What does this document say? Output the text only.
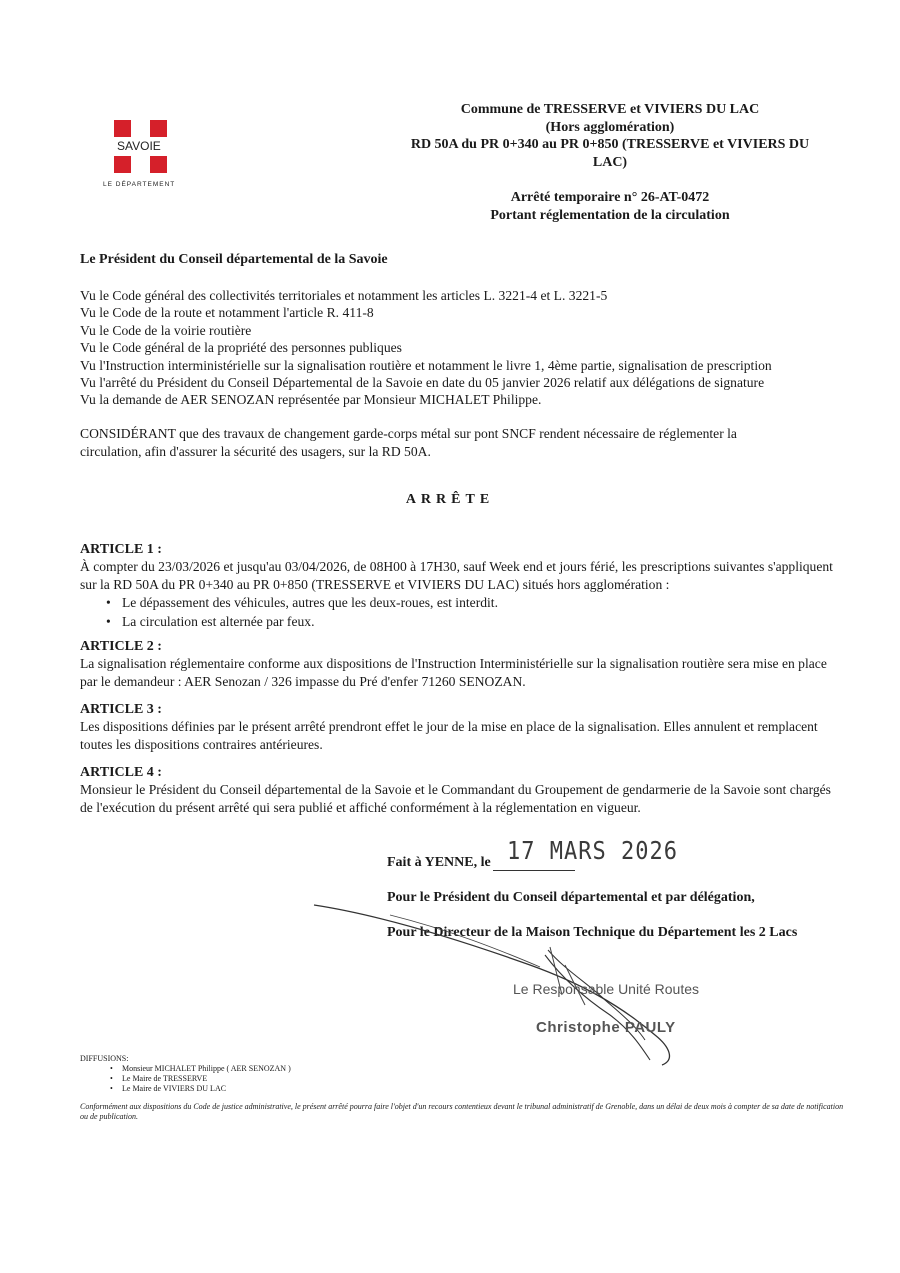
SAVOIE
LE DÉPARTEMENT
Commune de TRESSERVE et VIVIERS DU LAC
(Hors agglomération)
RD 50A du PR 0+340 au PR 0+850 (TRESSERVE et VIVIERS DU
LAC)
Arrêté temporaire n° 26-AT-0472
Portant réglementation de la circulation
Le Président du Conseil départemental de la Savoie
Vu le Code général des collectivités territoriales et notamment les articles L. 3221-4 et L. 3221-5
Vu le Code de la route et notamment l'article R. 411-8
Vu le Code de la voirie routière
Vu le Code général de la propriété des personnes publiques
Vu l'Instruction interministérielle sur la signalisation routière et notamment le livre 1, 4ème partie, signalisation de prescription
Vu l'arrêté du Président du Conseil Départemental de la Savoie en date du 05 janvier 2026 relatif aux délégations de signature
Vu la demande de AER SENOZAN représentée par Monsieur MICHALET Philippe.
CONSIDÉRANT que des travaux de changement garde-corps métal sur pont SNCF rendent nécessaire de réglementer la circulation, afin d'assurer la sécurité des usagers, sur la RD 50A.
ARRÊTE
ARTICLE 1 :
À compter du 23/03/2026 et jusqu'au 03/04/2026, de 08H00 à 17H30, sauf Week end et jours férié, les prescriptions suivantes s'appliquent sur la RD 50A du PR 0+340 au PR 0+850 (TRESSERVE et VIVIERS DU LAC) situés hors agglomération :
• Le dépassement des véhicules, autres que les deux-roues, est interdit.
• La circulation est alternée par feux.
ARTICLE 2 :
La signalisation réglementaire conforme aux dispositions de l'Instruction Interministérielle sur la signalisation routière sera mise en place par le demandeur : AER Senozan / 326 impasse du Pré d'enfer 71260 SENOZAN.
ARTICLE 3 :
Les dispositions définies par le présent arrêté prendront effet le jour de la mise en place de la signalisation. Elles annulent et remplacent toutes les dispositions contraires antérieures.
ARTICLE 4 :
Monsieur le Président du Conseil départemental de la Savoie et le Commandant du Groupement de gendarmerie de la Savoie sont chargés de l'exécution du présent arrêté qui sera publié et affiché conformément à la réglementation en vigueur.
Fait à YENNE, le 17 MARS 2026
Pour le Président du Conseil départemental et par délégation,
Pour le Directeur de la Maison Technique du Département les 2 Lacs
Le Responsable Unité Routes
Christophe PAULY
DIFFUSIONS:
• Monsieur MICHALET Philippe ( AER SENOZAN )
• Le Maire de TRESSERVE
• Le Maire de VIVIERS DU LAC
Conformément aux dispositions du Code de justice administrative, le présent arrêté pourra faire l'objet d'un recours contentieux devant le tribunal administratif de Grenoble, dans un délai de deux mois à compter de sa date de notification ou de publication.
